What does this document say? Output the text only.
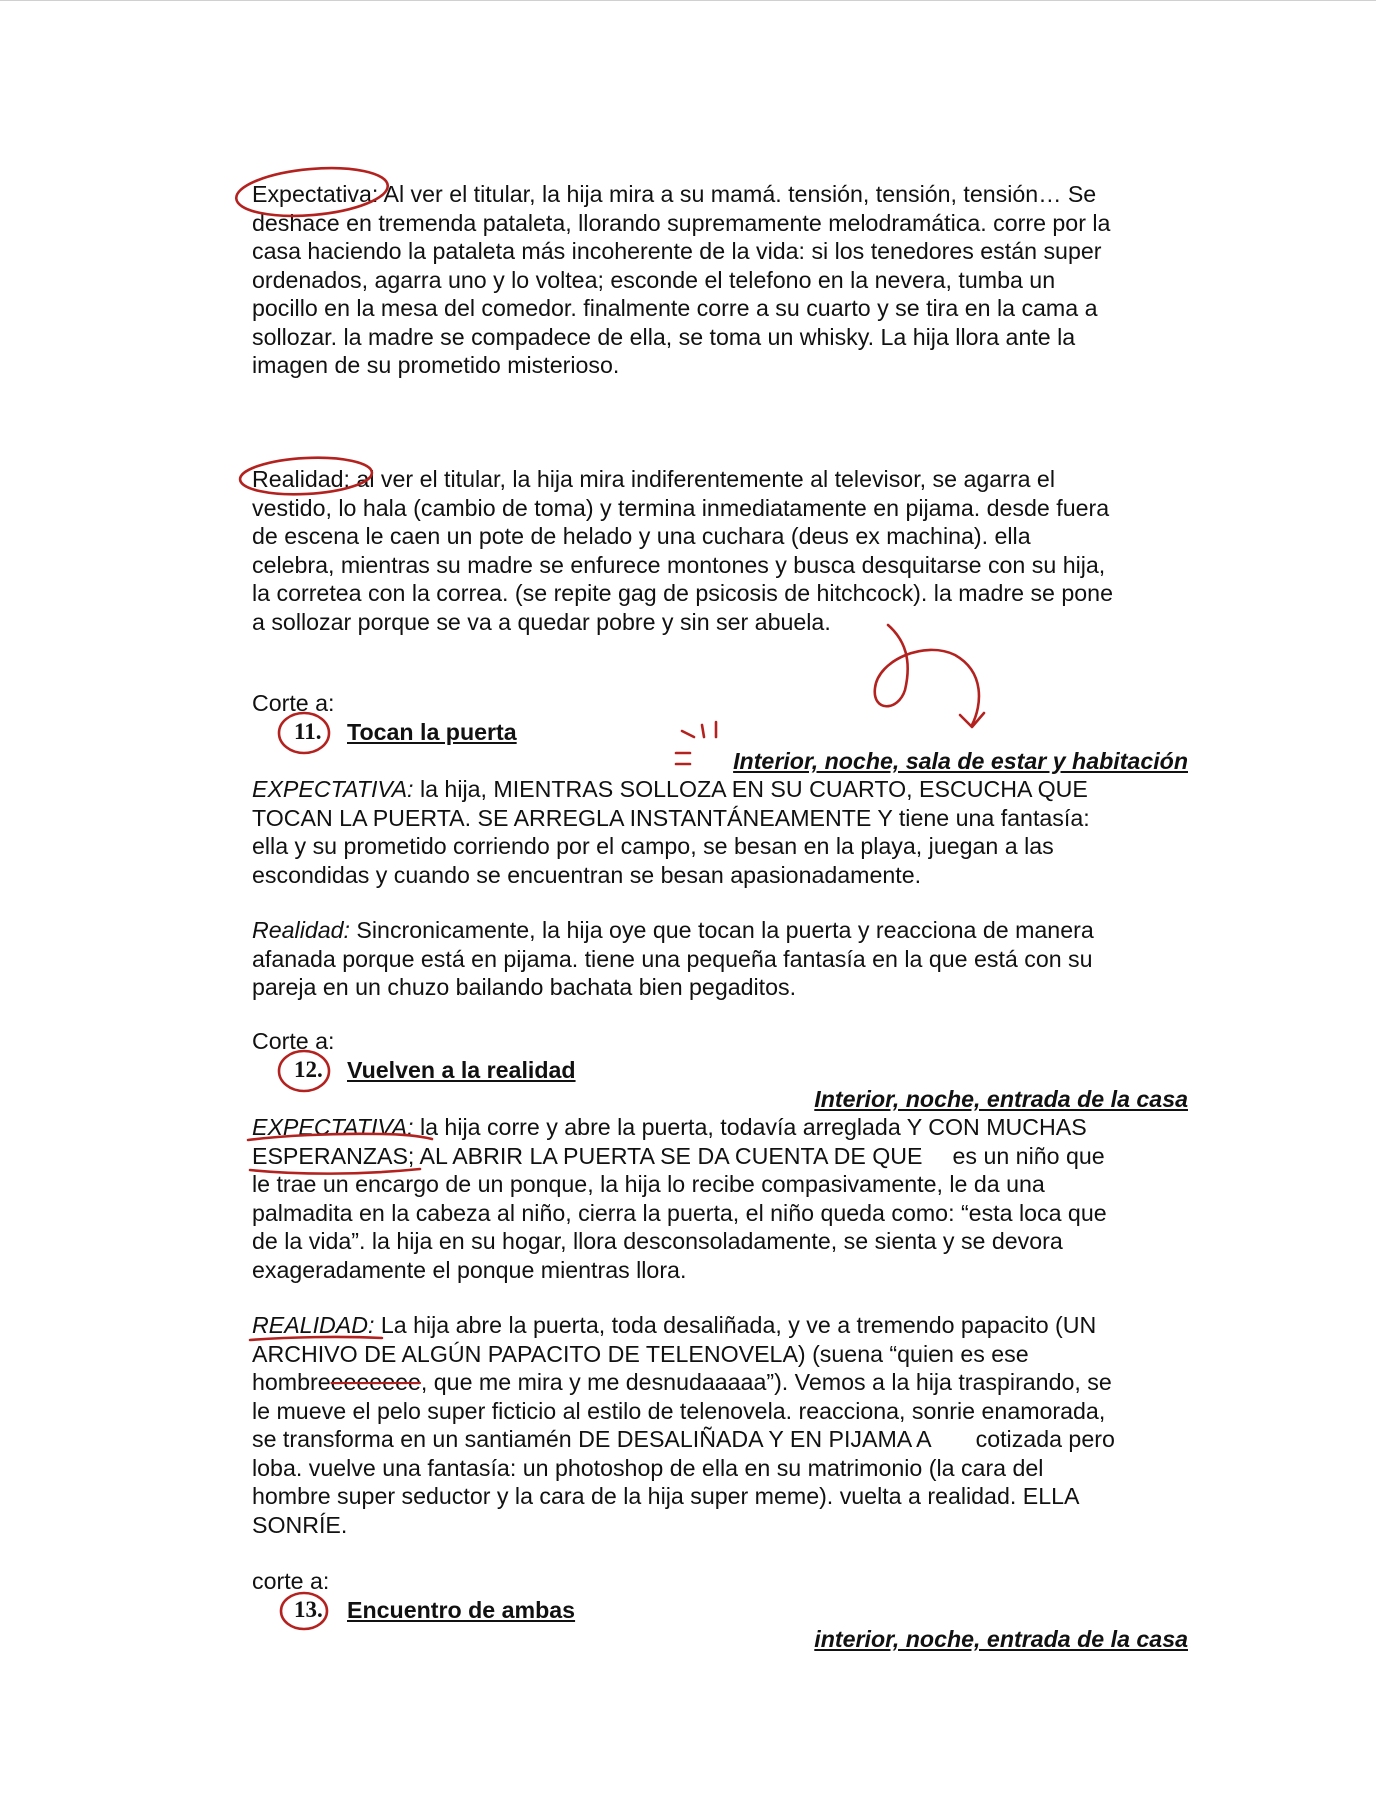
Expectativa: Al ver el titular, la hija mira a su mamá. tensión, tensión, tensión… Se
deshace en tremenda pataleta, llorando supremamente melodramática. corre por la
casa haciendo la pataleta más incoherente de la vida: si los tenedores están super
ordenados, agarra uno y lo voltea; esconde el telefono en la nevera, tumba un
pocillo en la mesa del comedor. finalmente corre a su cuarto y se tira en la cama a
sollozar. la madre se compadece de ella, se toma un whisky. La hija llora ante la
imagen de su prometido misterioso.
Realidad: al ver el titular, la hija mira indiferentemente al televisor, se agarra el
vestido, lo hala (cambio de toma) y termina inmediatamente en pijama. desde fuera
de escena le caen un pote de helado y una cuchara (deus ex machina). ella
celebra, mientras su madre se enfurece montones y busca desquitarse con su hija,
la corretea con la correa. (se repite gag de psicosis de hitchcock). la madre se pone
a sollozar porque se va a quedar pobre y sin ser abuela.
Corte a:
11. Tocan la puerta
Interior, noche, sala de estar y habitación
EXPECTATIVA: la hija, MIENTRAS SOLLOZA EN SU CUARTO, ESCUCHA QUE
TOCAN LA PUERTA. SE ARREGLA INSTANTÁNEAMENTE Y tiene una fantasía:
ella y su prometido corriendo por el campo, se besan en la playa, juegan a las
escondidas y cuando se encuentran se besan apasionadamente.
Realidad: Sincronicamente, la hija oye que tocan la puerta y reacciona de manera
afanada porque está en pijama. tiene una pequeña fantasía en la que está con su
pareja en un chuzo bailando bachata bien pegaditos.
Corte a:
12. Vuelven a la realidad
Interior, noche, entrada de la casa
EXPECTATIVA: la hija corre y abre la puerta, todavía arreglada Y CON MUCHAS
ESPERANZAS; AL ABRIR LA PUERTA SE DA CUENTA DE QUE es un niño que
le trae un encargo de un ponque, la hija lo recibe compasivamente, le da una
palmadita en la cabeza al niño, cierra la puerta, el niño queda como: “esta loca que
de la vida”. la hija en su hogar, llora desconsoladamente, se sienta y se devora
exageradamente el ponque mientras llora.
REALIDAD: La hija abre la puerta, toda desaliñada, y ve a tremendo papacito (UN
ARCHIVO DE ALGÚN PAPACITO DE TELENOVELA) (suena “quien es ese
hombreeeeeeee, que me mira y me desnudaaaaa”). Vemos a la hija traspirando, se
le mueve el pelo super ficticio al estilo de telenovela. reacciona, sonrie enamorada,
se transforma en un santiamén DE DESALIÑADA Y EN PIJAMA A cotizada pero
loba. vuelve una fantasía: un photoshop de ella en su matrimonio (la cara del
hombre super seductor y la cara de la hija super meme). vuelta a realidad. ELLA
SONRÍE.
corte a:
13. Encuentro de ambas
interior, noche, entrada de la casa
